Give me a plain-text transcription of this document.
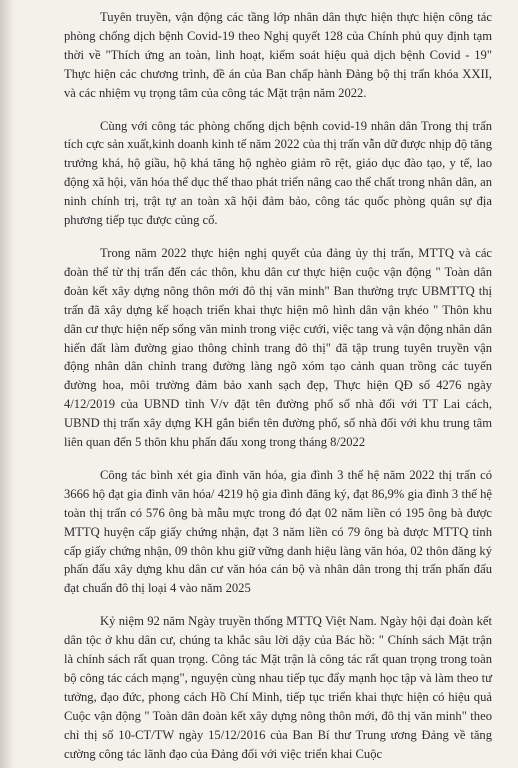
Tuyên truyền, vận động các tầng lớp nhân dân thực hiện thực hiện công tác phòng chống dịch bệnh Covid-19 theo Nghị quyết 128 của Chính phủ quy định tạm thời về "Thích ứng an toàn, linh hoạt, kiểm soát hiệu quả dịch bệnh Covid - 19" Thực hiện các chương trình, đề án của Ban chấp hành Đảng bộ thị trấn khóa XXII, và các nhiệm vụ trọng tâm của công tác Mặt trận năm 2022.

Cùng với công tác phòng chống dịch bệnh covid-19 nhân dân Trong thị trấn tích cực sản xuất,kinh doanh kinh tế năm 2022 của thị trấn vẫn dữ được nhịp độ tăng trưởng khá, hộ giầu, hộ khá tăng hộ nghèo giảm rõ rệt, giáo dục đào tạo, y tế, lao động xã hội, văn hóa thể dục thể thao phát triển nâng cao thể chất trong nhân dân, an ninh chính trị, trật tự an toàn xã hội đảm bảo, công tác quốc phòng quân sự địa phương tiếp tục được củng cố.

Trong năm 2022 thực hiện nghị quyết của đảng ủy thị trấn, MTTQ và các đoàn thể từ thị trấn đến các thôn, khu dân cư thực hiện cuộc vận động " Toàn dân đoàn kết xây dựng nông thôn mới đô thị văn minh" Ban thường trực UBMTTQ thị trấn đã xây dựng kế hoạch triển khai thực hiện mô hình dân vận khéo " Thôn khu dân cư thực hiện nếp sống văn minh trong việc cưới, việc tang và vận động nhân dân hiến đất làm đường giao thông chỉnh trang đô thị" đã tập trung tuyên truyền vận động nhân dân chỉnh trang đường làng ngõ xóm tạo cảnh quan trồng các tuyến đường hoa, môi trường đảm bảo xanh sạch đẹp, Thực hiện QĐ số 4276 ngày 4/12/2019 của UBND tỉnh V/v đặt tên đường phố số nhà đối với TT Lai cách, UBND thị trấn xây dựng KH gắn biển tên đường phố, số nhà đối với khu trung tâm liên quan đến 5 thôn khu phấn đấu xong trong tháng 8/2022

Công tác bình xét gia đình văn hóa, gia đình 3 thế hệ năm 2022 thị trấn có 3666 hộ đạt gia đình văn hóa/ 4219 hộ gia đình đăng ký, đạt 86,9% gia đình 3 thế hệ toàn thị trấn có 576 ông bà mẫu mực trong đó đạt 02 năm liền có 195 ông bà được MTTQ huyện cấp giấy chứng nhận, đạt 3 năm liền có 79 ông bà được MTTQ tỉnh cấp giấy chứng nhận, 09 thôn khu giữ vững danh hiệu làng văn hóa, 02 thôn đăng ký phấn đấu xây dựng khu dân cư văn hóa cán bộ và nhân dân trong thị trấn phấn đấu đạt chuẩn đô thị loại 4 vào năm 2025

Kỷ niệm 92 năm Ngày truyền thống MTTQ Việt Nam. Ngày hội đại đoàn kết dân tộc ở khu dân cư, chúng ta khắc sâu lời dậy của Bác hồ: " Chính sách Mặt trận là chính sách rất quan trọng. Công tác Mặt trận là công tác rất quan trọng trong toàn bộ công tác cách mạng", nguyện cùng nhau tiếp tục đẩy mạnh học tập và làm theo tư tưởng, đạo đức, phong cách Hồ Chí Minh, tiếp tục triển khai thực hiện có hiệu quả Cuộc vận động " Toàn dân đoàn kết xây dựng nông thôn mới, đô thị văn minh" theo chỉ thị số 10-CT/TW ngày 15/12/2016 của Ban Bí thư Trung ương Đảng về tăng cường công tác lãnh đạo của Đảng đối với việc triển khai Cuộc
